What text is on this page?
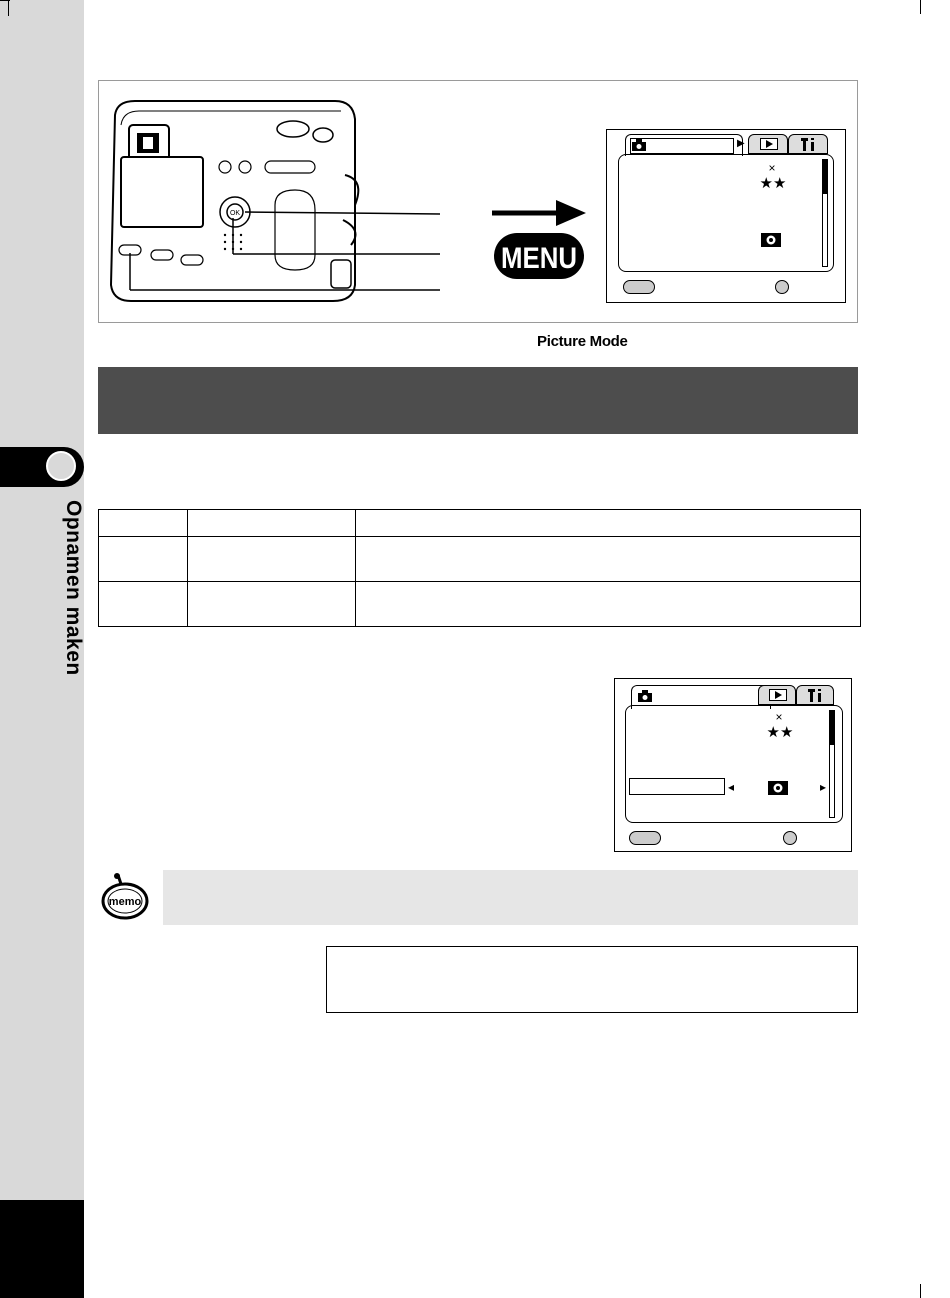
Opnamen maken
OK
MENU
▶
×
★★
Picture Mode

×
★★
◂	▸
memo
